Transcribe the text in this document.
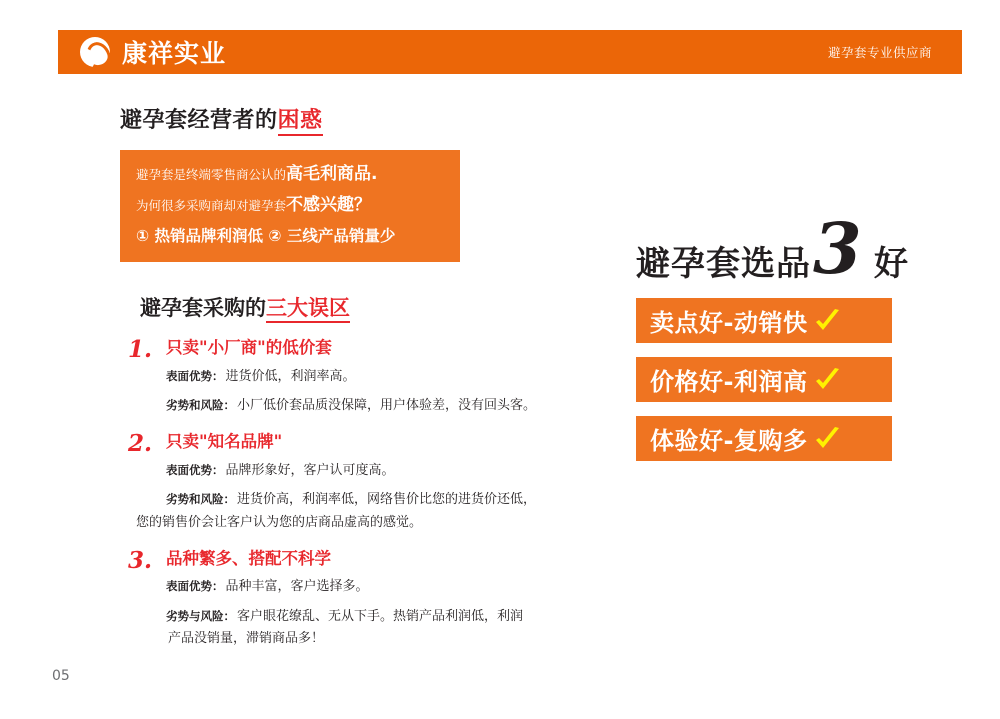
康祥实业	避孕套专业供应商
避孕套经营者的困惑
避孕套是终端零售商公认的高毛利商品.
为何很多采购商却对避孕套不感兴趣？
① 热销品牌利润低 ② 三线产品销量少
避孕套采购的三大误区
1. 只卖"小厂商"的低价套
表面优势： 进货价低，利润率高。
劣势和风险： 小厂低价套品质没保障，用户体验差，没有回头客。
2. 只卖"知名品牌"
表面优势： 品牌形象好，客户认可度高。
劣势和风险： 进货价高，利润率低，网络售价比您的进货价还低，
您的销售价会让客户认为您的店商品虚高的感觉。
3. 品种繁多、搭配不科学
表面优势： 品种丰富，客户选择多。
劣势与风险： 客户眼花缭乱、无从下手。热销产品利润低，利润
产品没销量，滞销商品多！
避孕套选品 3 好
卖点好-动销快
价格好-利润高
体验好-复购多
05
